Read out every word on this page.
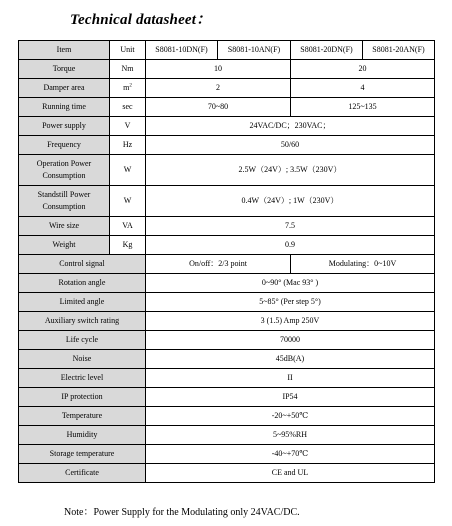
Technical datasheet：
Item	Unit	S8081-10DN(F)	S8081-10AN(F)	S8081-20DN(F)	S8081-20AN(F)
Torque	Nm	10		20	
Damper area	$m^2$	2		4	
Running time	sec	70~80		125~135	
Power supply	V	24VAC/DC；230VAC；			
Frequency	Hz	50/60			
Operation Power Consumption	W	2.5W（24V）; 3.5W（230V）			
Standstill Power Consumption	W	0.4W（24V）; 1W（230V）			
Wire size	VA	7.5			
Weight	Kg	0.9			
Control signal		On/off：2/3 point		Modulating：0~10V	
Rotation angle		0~90° (Mac 93° )			
Limited angle		5~85° (Per step 5°)			
Auxiliary switch rating		3 (1.5) Amp 250V			
Life cycle		70000			
Noise		45dB(A)			
Electric level		II			
IP protection		IP54			
Temperature		-20~+50℃			
Humidity		5~95%RH			
Storage temperature		-40~+70℃			
Certificate		CE and UL			
Note：Power Supply for the Modulating only 24VAC/DC.
